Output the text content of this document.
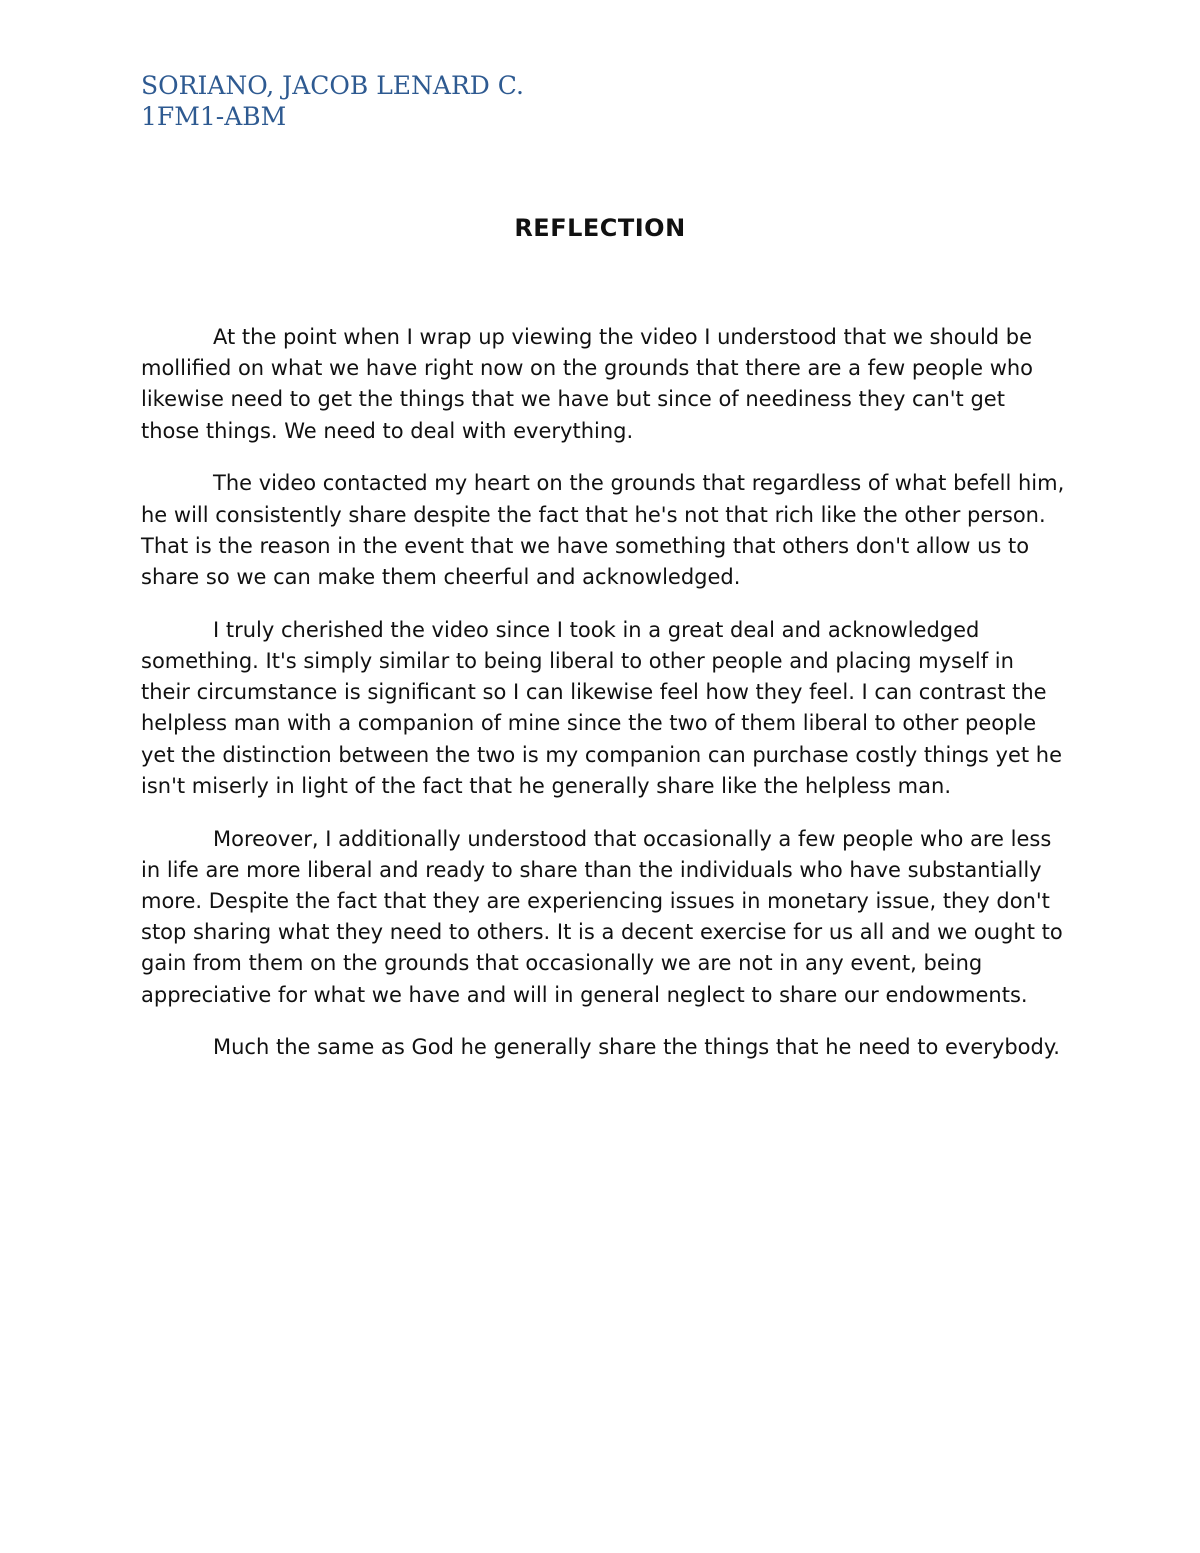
SORIANO, JACOB LENARD C.
1FM1-ABM
REFLECTION

At the point when I wrap up viewing the video I understood that we should be mollified on what we have right now on the grounds that there are a few people who likewise need to get the things that we have but since of neediness they can't get those things. We need to deal with everything.

The video contacted my heart on the grounds that regardless of what befell him, he will consistently share despite the fact that he's not that rich like the other person. That is the reason in the event that we have something that others don't allow us to share so we can make them cheerful and acknowledged.

I truly cherished the video since I took in a great deal and acknowledged something. It's simply similar to being liberal to other people and placing myself in their circumstance is significant so I can likewise feel how they feel. I can contrast the helpless man with a companion of mine since the two of them liberal to other people yet the distinction between the two is my companion can purchase costly things yet he isn't miserly in light of the fact that he generally share like the helpless man.

Moreover, I additionally understood that occasionally a few people who are less in life are more liberal and ready to share than the individuals who have substantially more. Despite the fact that they are experiencing issues in monetary issue, they don't stop sharing what they need to others. It is a decent exercise for us all and we ought to gain from them on the grounds that occasionally we are not in any event, being appreciative for what we have and will in general neglect to share our endowments.

Much the same as God he generally share the things that he need to everybody.
